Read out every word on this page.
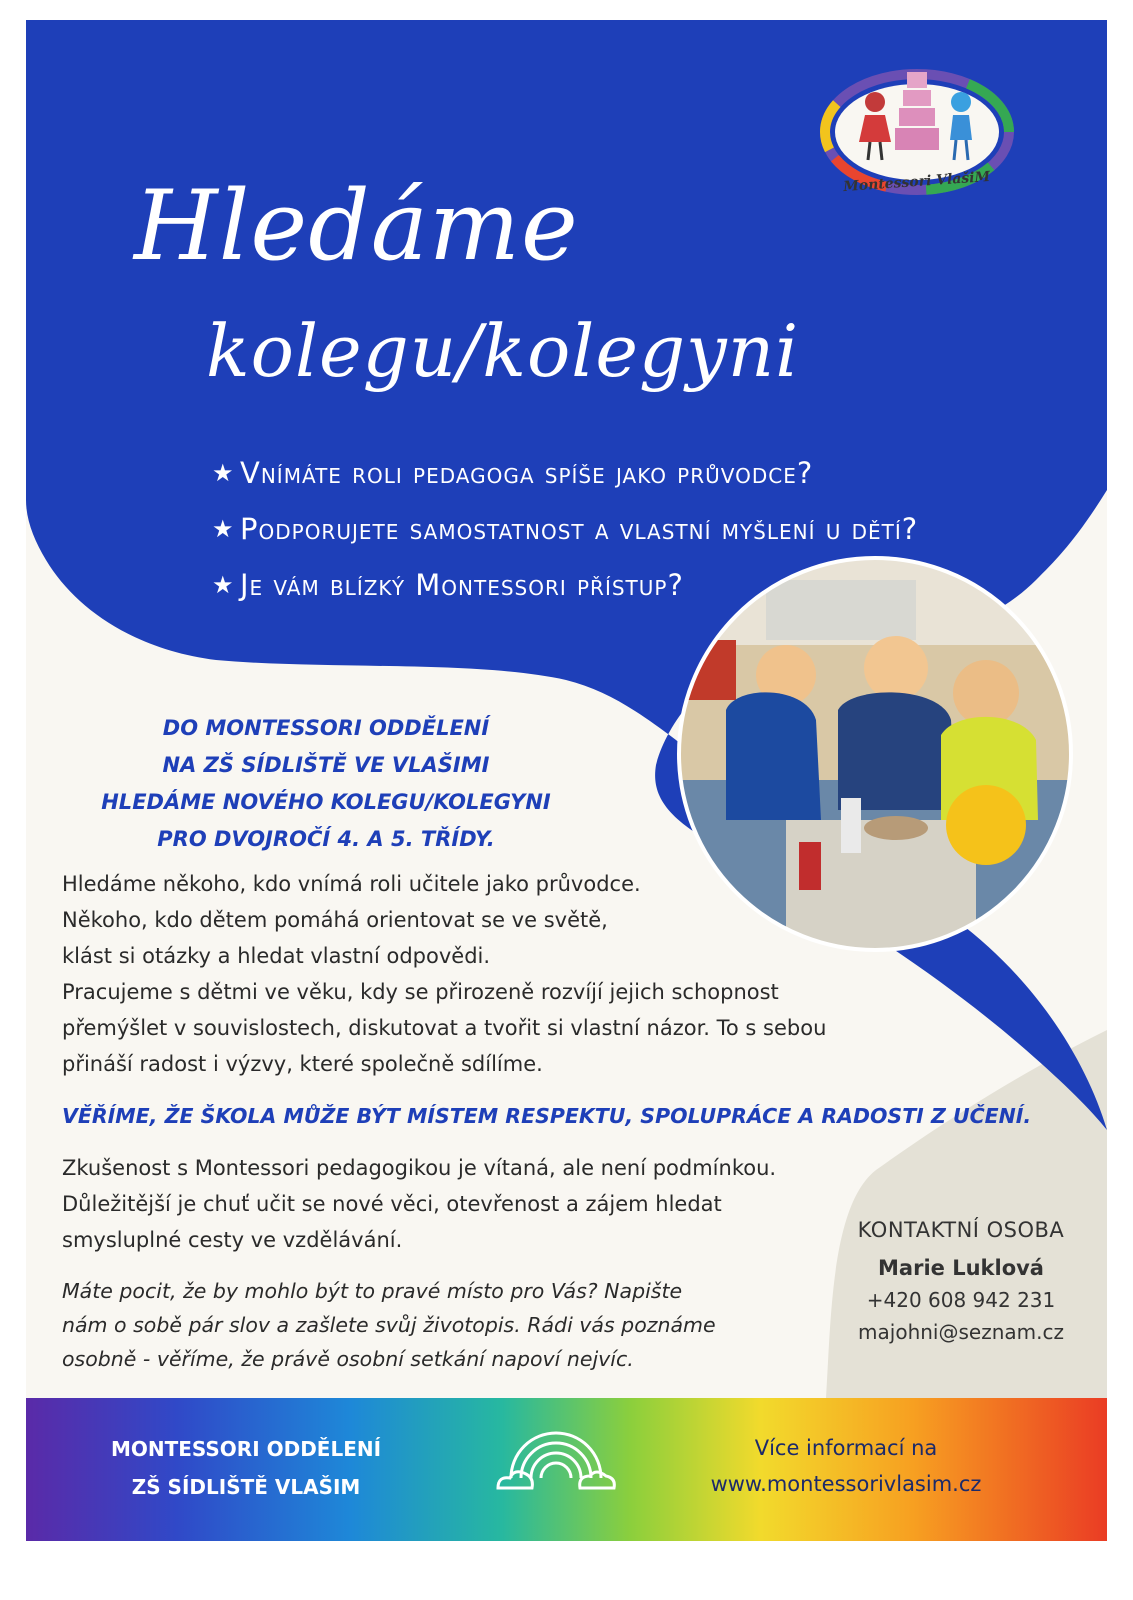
Montessori VlašiM
Hledáme
kolegu/kolegyni
★ Vnímáte roli pedagoga spíše jako průvodce?
★ Podporujete samostatnost a vlastní myšlení u dětí?
★ Je vám blízký Montessori přístup?
DO MONTESSORI ODDĚLENÍ
NA ZŠ SÍDLIŠTĚ VE VLAŠIMI
HLEDÁME NOVÉHO KOLEGU/KOLEGYNI
PRO DVOJROČÍ 4. A 5. TŘÍDY.
Hledáme někoho, kdo vnímá roli učitele jako průvodce.
Někoho, kdo dětem pomáhá orientovat se ve světě,
klást si otázky a hledat vlastní odpovědi.
Pracujeme s dětmi ve věku, kdy se přirozeně rozvíjí jejich schopnost
přemýšlet v souvislostech, diskutovat a tvořit si vlastní názor. To s sebou
přináší radost i výzvy, které společně sdílíme.
VĚŘÍME, ŽE ŠKOLA MŮŽE BÝT MÍSTEM RESPEKTU, SPOLUPRÁCE A RADOSTI Z UČENÍ.
Zkušenost s Montessori pedagogikou je vítaná, ale není podmínkou.
Důležitější je chuť učit se nové věci, otevřenost a zájem hledat
smysluplné cesty ve vzdělávání.
Máte pocit, že by mohlo být to pravé místo pro Vás? Napište
nám o sobě pár slov a zašlete svůj životopis. Rádi vás poznáme
osobně - věříme, že právě osobní setkání napoví nejvíc.
KONTAKTNÍ OSOBA
Marie Luklová
+420 608 942 231
majohni@seznam.cz
MONTESSORI ODDĚLENÍ
ZŠ SÍDLIŠTĚ VLAŠIM
Více informací na
www.montessorivlasim.cz
